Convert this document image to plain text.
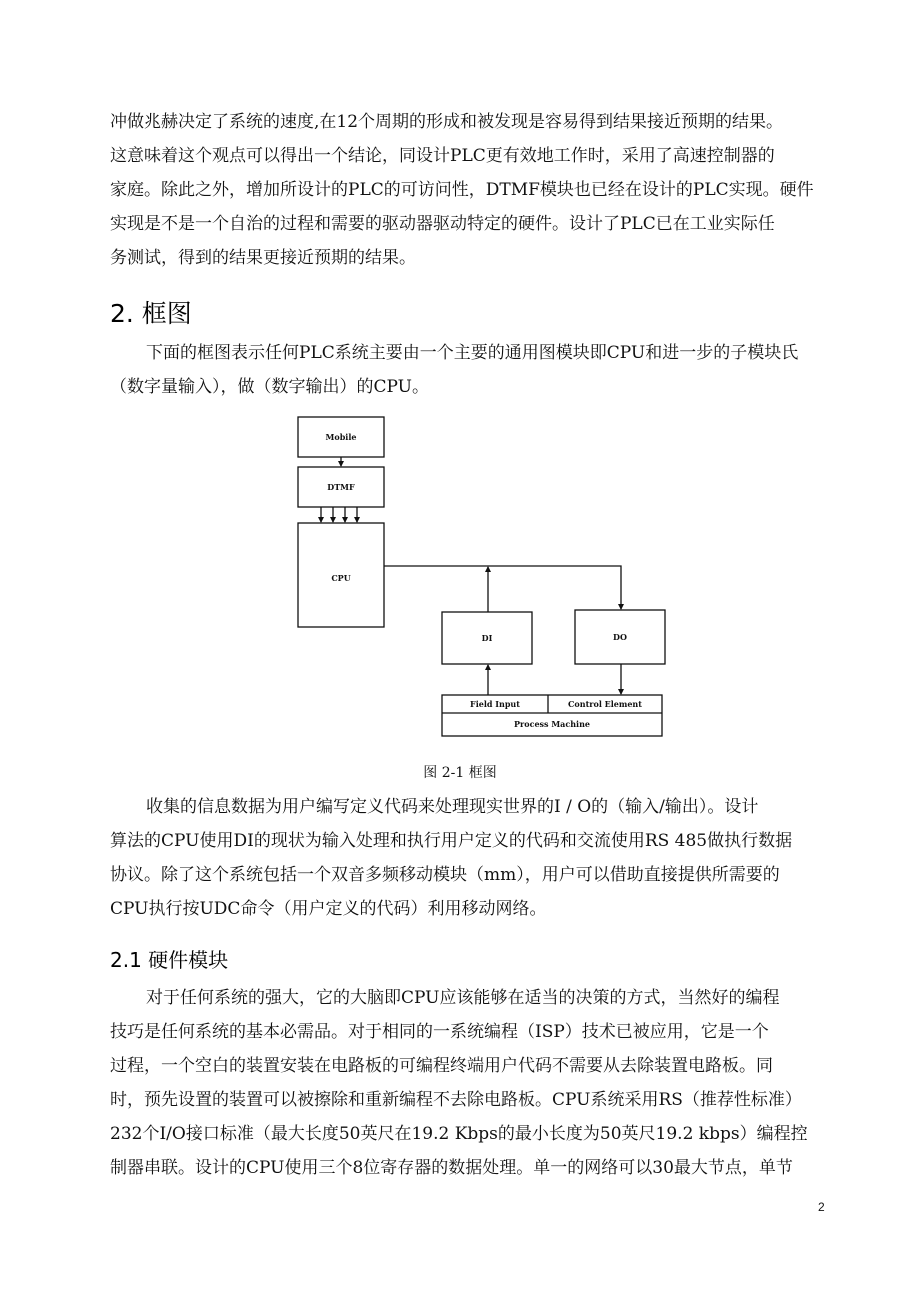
冲做兆赫决定了系统的速度,在12个周期的形成和被发现是容易得到结果接近预期的结果。
这意味着这个观点可以得出一个结论，同设计PLC更有效地工作时，采用了高速控制器的
家庭。除此之外，增加所设计的PLC的可访问性，DTMF模块也已经在设计的PLC实现。硬件
实现是不是一个自治的过程和需要的驱动器驱动特定的硬件。设计了PLC已在工业实际任
务测试，得到的结果更接近预期的结果。

2. 框图

下面的框图表示任何PLC系统主要由一个主要的通用图模块即CPU和进一步的子模块氏
（数字量输入），做（数字输出）的CPU。

Mobile
DTMF
CPU
DI	DO
Field Input	Control Element
Process Machine

图 2-1 框图

收集的信息数据为用户编写定义代码来处理现实世界的I / O的（输入/输出）。设计
算法的CPU使用DI的现状为输入处理和执行用户定义的代码和交流使用RS 485做执行数据
协议。除了这个系统包括一个双音多频移动模块（mm），用户可以借助直接提供所需要的
CPU执行按UDC命令（用户定义的代码）利用移动网络。

2.1 硬件模块

对于任何系统的强大，它的大脑即CPU应该能够在适当的决策的方式，当然好的编程
技巧是任何系统的基本必需品。对于相同的一系统编程（ISP）技术已被应用，它是一个
过程，一个空白的装置安装在电路板的可编程终端用户代码不需要从去除装置电路板。同
时，预先设置的装置可以被擦除和重新编程不去除电路板。CPU系统采用RS（推荐性标准）
232个I/O接口标准（最大长度50英尺在19.2 Kbps的最小长度为50英尺19.2 kbps）编程控
制器串联。设计的CPU使用三个8位寄存器的数据处理。单一的网络可以30最大节点，单节

2
